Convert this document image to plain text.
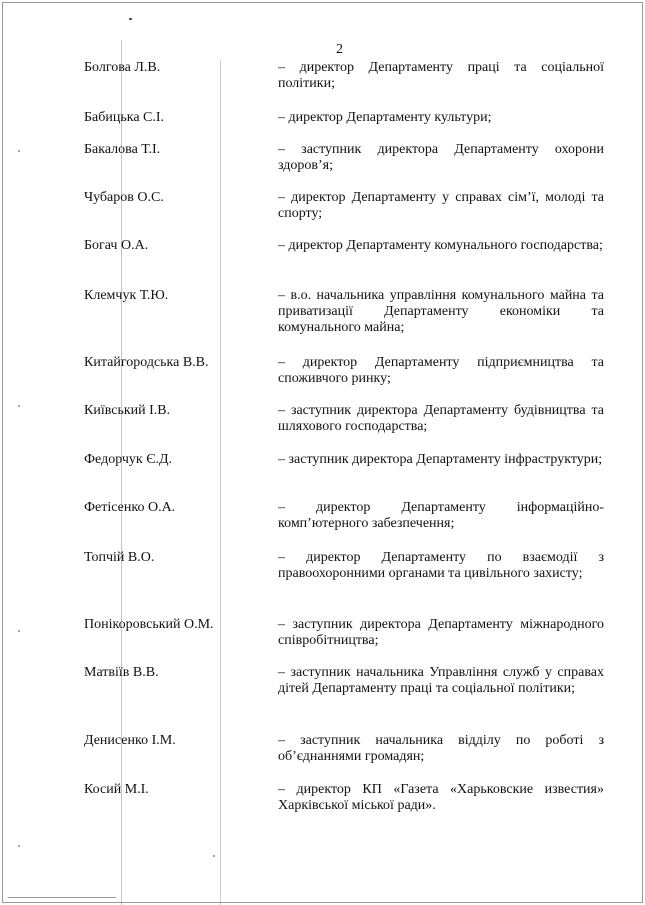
2
Болгова Л.В.	– директор Департаменту праці та соціальної політики;
Бабицька С.І.	– директор Департаменту культури;
Бакалова Т.І.	– заступник директора Департаменту охорони здоров’я;
Чубаров О.С.	– директор Департаменту у справах сім’ї, молоді та спорту;
Богач О.А.	– директор Департаменту комунального господарства;
Клемчук Т.Ю.	– в.о. начальника управління комунального майна та приватизації Департаменту економіки та комунального майна;
Китайгородська В.В.	– директор Департаменту підприємництва та споживчого ринку;
Київський І.В.	– заступник директора Департаменту будівництва та шляхового господарства;
Федорчук Є.Д.	– заступник директора Департаменту інфраструктури;
Фетісенко О.А.	– директор Департаменту інформаційно-комп’ютерного забезпечення;
Топчій В.О.	– директор Департаменту по взаємодії з правоохоронними органами та цивільного захисту;
Понікоровський О.М.	– заступник директора Департаменту міжнародного співробітництва;
Матвіїв В.В.	– заступник начальника Управління служб у справах дітей Департаменту праці та соціальної політики;
Денисенко І.М.	– заступник начальника відділу по роботі з об’єднаннями громадян;
Косий М.І.	– директор КП «Газета «Харьковские известия» Харківської міської ради».
